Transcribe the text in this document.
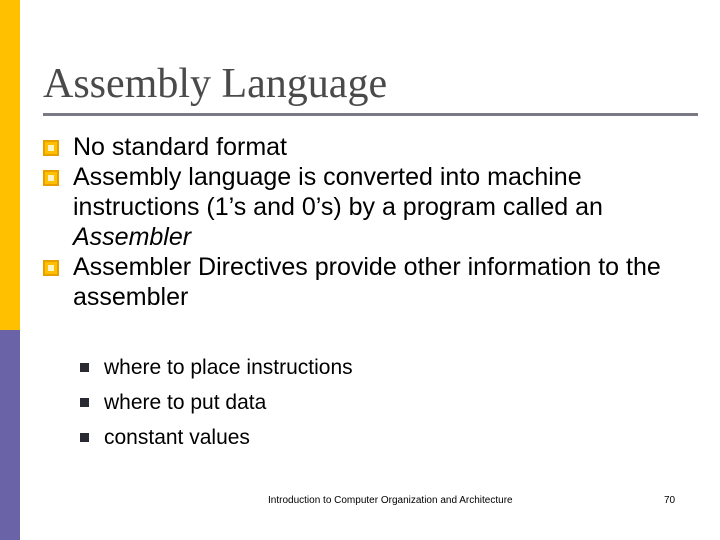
Assembly Language
No standard format
Assembly language is converted into machine instructions (1’s and 0’s) by a program called an Assembler
Assembler Directives provide other information to the assembler
where to place instructions
where to put data
constant values
Introduction to Computer Organization and Architecture	70
